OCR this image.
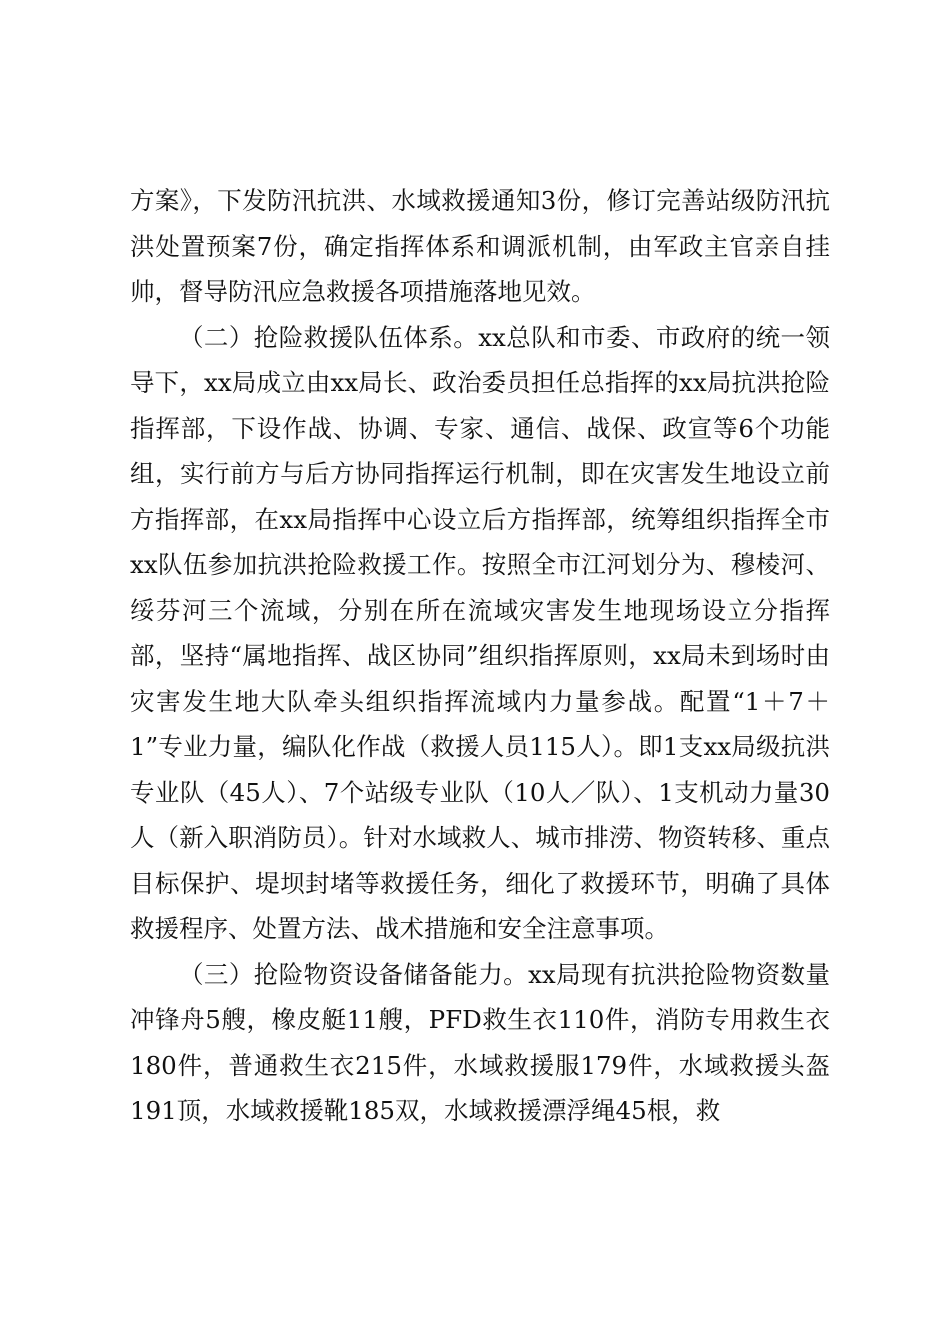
方案》，下发防汛抗洪、水域救援通知3份，修订完善站级防汛抗洪处置预案7份，确定指挥体系和调派机制，由军政主官亲自挂帅，督导防汛应急救援各项措施落地见效。

（二）抢险救援队伍体系。xx总队和市委、市政府的统一领导下，xx局成立由xx局长、政治委员担任总指挥的xx局抗洪抢险指挥部，下设作战、协调、专家、通信、战保、政宣等6个功能组，实行前方与后方协同指挥运行机制，即在灾害发生地设立前方指挥部，在xx局指挥中心设立后方指挥部，统筹组织指挥全市xx队伍参加抗洪抢险救援工作。按照全市江河划分为、穆棱河、绥芬河三个流域，分别在所在流域灾害发生地现场设立分指挥部，坚持“属地指挥、战区协同”组织指挥原则，xx局未到场时由灾害发生地大队牵头组织指挥流域内力量参战。配置“1＋7＋1”专业力量，编队化作战（救援人员115人）。即1支xx局级抗洪专业队（45人）、7个站级专业队（10人／队）、1支机动力量30人（新入职消防员）。针对水域救人、城市排涝、物资转移、重点目标保护、堤坝封堵等救援任务，细化了救援环节，明确了具体救援程序、处置方法、战术措施和安全注意事项。

（三）抢险物资设备储备能力。xx局现有抗洪抢险物资数量冲锋舟5艘，橡皮艇11艘，PFD救生衣110件，消防专用救生衣180件，普通救生衣215件，水域救援服179件，水域救援头盔191顶，水域救援靴185双，水域救援漂浮绳45根，救
